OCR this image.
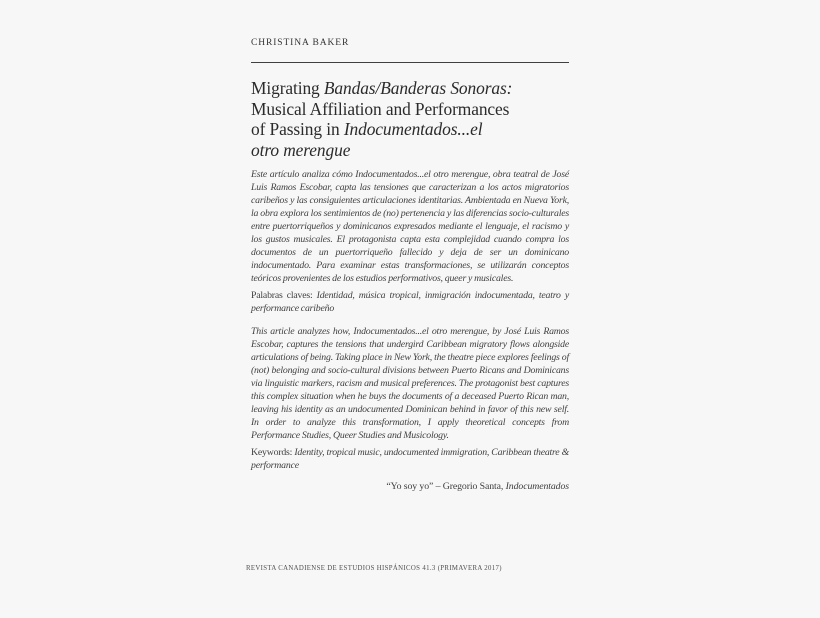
CHRISTINA BAKER
Migrating Bandas/Banderas Sonoras:
Musical Affiliation and Performances
of Passing in Indocumentados...el
otro merengue

Este artículo analiza cómo Indocumentados...el otro merengue, obra teatral de José Luis Ramos Escobar, capta las tensiones que caracterizan a los actos migratorios caribeños y las consiguientes articulaciones identitarias. Ambientada en Nueva York, la obra explora los sentimientos de (no) pertenencia y las diferencias socio-culturales entre puertorriqueños y dominicanos expresados mediante el lenguaje, el racismo y los gustos musicales. El protagonista capta esta complejidad cuando compra los documentos de un puertorriqueño fallecido y deja de ser un dominicano indocumentado. Para examinar estas transformaciones, se utilizarán conceptos teóricos provenientes de los estudios performativos, queer y musicales.

Palabras claves: Identidad, música tropical, inmigración indocumentada, teatro y performance caribeño

This article analyzes how, Indocumentados...el otro merengue, by José Luis Ramos Escobar, captures the tensions that undergird Caribbean migratory flows alongside articulations of being. Taking place in New York, the theatre piece explores feelings of (not) belonging and socio-cultural divisions between Puerto Ricans and Dominicans via linguistic markers, racism and musical preferences. The protagonist best captures this complex situation when he buys the documents of a deceased Puerto Rican man, leaving his identity as an undocumented Dominican behind in favor of this new self. In order to analyze this transformation, I apply theoretical concepts from Performance Studies, Queer Studies and Musicology.

Keywords: Identity, tropical music, undocumented immigration, Caribbean theatre & performance

“Yo soy yo” – Gregorio Santa, Indocumentados

REVISTA CANADIENSE DE ESTUDIOS HISPÁNICOS 41.3 (PRIMAVERA 2017)
